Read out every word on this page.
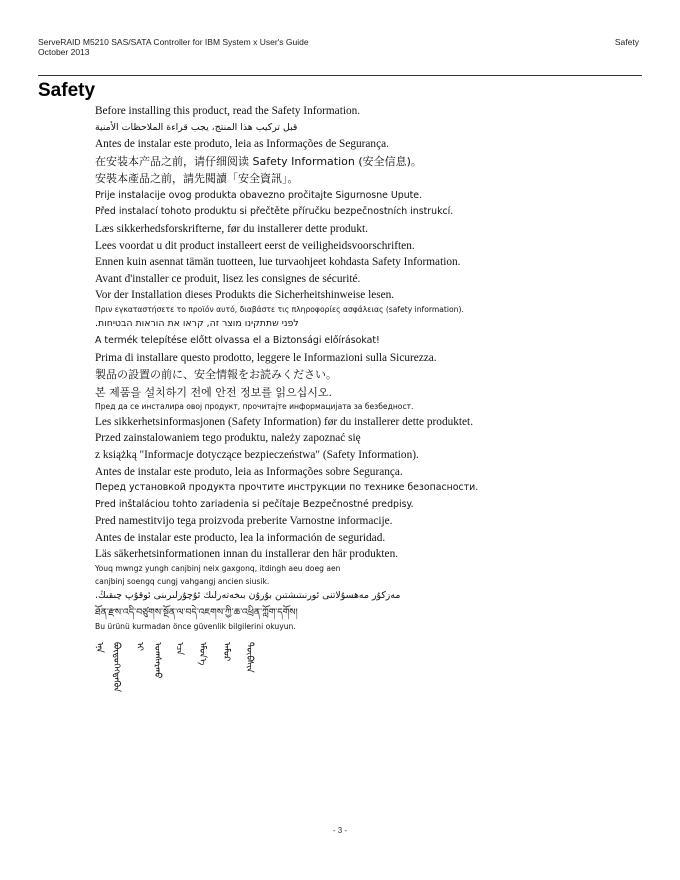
ServeRAID M5210 SAS/SATA Controller for IBM System x User's Guide
October 2013
Safety
Safety
Before installing this product, read the Safety Information.
قبل تركيب هذا المنتج، يجب قراءة الملاحظات الأمنية
Antes de instalar este produto, leia as Informações de Segurança.
在安装本产品之前，请仔细阅读 Safety Information (安全信息)。
安裝本產品之前，請先閱讀「安全資訊」。
Prije instalacije ovog produkta obavezno pročitajte Sigurnosne Upute.
Před instalací tohoto produktu si přečtěte příručku bezpečnostních instrukcí.
Læs sikkerhedsforskrifterne, før du installerer dette produkt.
Lees voordat u dit product installeert eerst de veiligheidsvoorschriften.
Ennen kuin asennat tämän tuotteen, lue turvaohjeet kohdasta Safety Information.
Avant d'installer ce produit, lisez les consignes de sécurité.
Vor der Installation dieses Produkts die Sicherheitshinweise lesen.
Πριν εγκαταστήσετε το προϊόν αυτό, διαβάστε τις πληροφορίες ασφάλειας (safety information).
לפני שתתקינו מוצר זה, קראו את הוראות הבטיחות.
A termék telepítése előtt olvassa el a Biztonsági előírásokat!
Prima di installare questo prodotto, leggere le Informazioni sulla Sicurezza.
製品の設置の前に、安全情報をお読みください。
본 제품을 설치하기 전에 안전 정보를 읽으십시오.
Пред да се инсталира овој продукт, прочитајте информацијата за безбедност.
Les sikkerhetsinformasjonen (Safety Information) før du installerer dette produktet.
Przed zainstalowaniem tego produktu, należy zapoznać się
z książką "Informacje dotyczące bezpieczeństwa" (Safety Information).
Antes de instalar este produto, leia as Informações sobre Segurança.
Перед установкой продукта прочтите инструкции по технике безопасности.
Pred inštaláciou tohto zariadenia si pečítaje Bezpečnostné predpisy.
Pred namestitvijo tega proizvoda preberite Varnostne informacije.
Antes de instalar este producto, lea la información de seguridad.
Läs säkerhetsinformationen innan du installerar den här produkten.
Youq mwngz yungh canjbinj neix gaxgonq, itdingh aeu doeg aen
canjbinj soengq cungj vahgangj ancien siusik.
مەزكۇر مەھسۇلاتنى ئورنىتىشتىن بۇرۇن بىخەتەرلىك ئۇچۇرلىرىنى ئوقۇپ چىقىڭ.
ཐོན་རྫས་འདི་བཙུགས་སྔོན་ལ་བདེ་འཇགས་ཀྱི་ཆ་འཕྲིན་ཀློག་དགོས།
Bu ürünü kurmadan önce güvenlik bilgilerini okuyun.
ᠡᠨᠡ ᠪᠦᠲᠦᠭᠡᠭᠳᠡᠬᠦᠨ ᠢ ᠤᠭᠰᠠᠷᠬᠤ ᠡᠴᠡ ᠡᠮᠦᠨ᠎ᠡ ᠠᠮᠤᠷ ᠲᠦᠪᠰᠢᠨ
- 3 -
